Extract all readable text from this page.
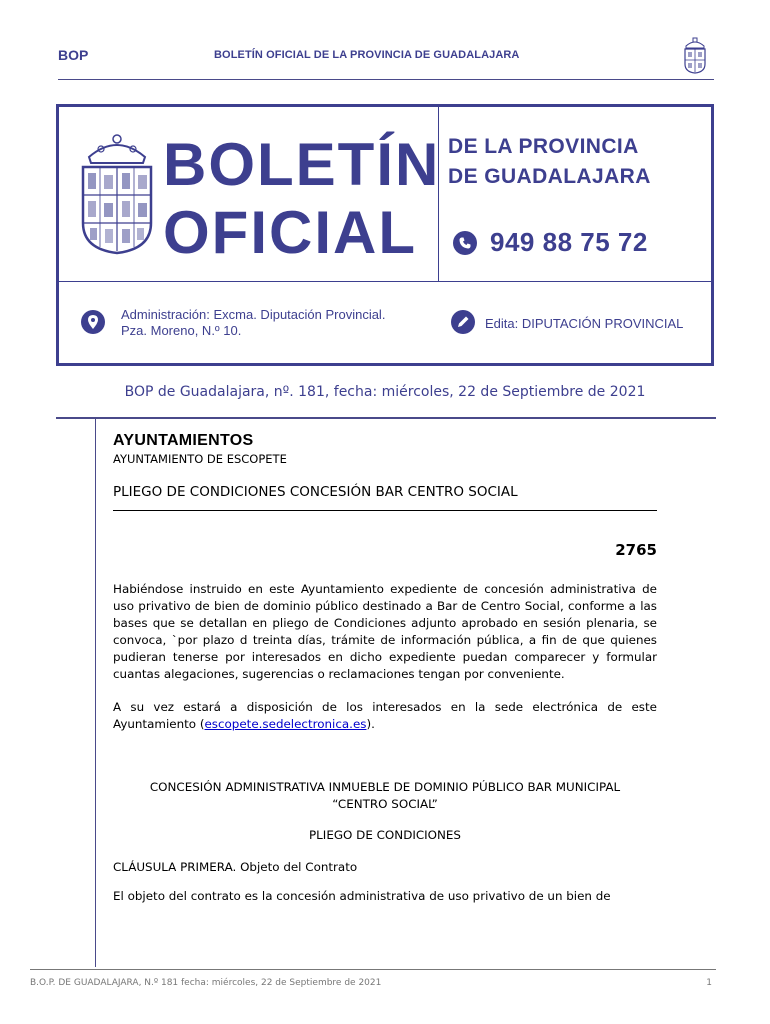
BOP	BOLETÍN OFICIAL DE LA PROVINCIA DE GUADALAJARA
BOLETÍN
OFICIAL
DE LA PROVINCIA
DE GUADALAJARA
949 88 75 72
Administración: Excma. Diputación Provincial.
Pza. Moreno, N.º 10.	Edita: DIPUTACIÓN PROVINCIAL
BOP de Guadalajara, nº. 181, fecha: miércoles, 22 de Septiembre de 2021
AYUNTAMIENTOS
AYUNTAMIENTO DE ESCOPETE
PLIEGO DE CONDICIONES CONCESIÓN BAR CENTRO SOCIAL
2765

Habiéndose instruido en este Ayuntamiento expediente de concesión administrativa de uso privativo de bien de dominio público destinado a Bar de Centro Social, conforme a las bases que se detallan en pliego de Condiciones adjunto aprobado en sesión plenaria, se convoca, `por plazo d treinta días, trámite de información pública, a fin de que quienes pudieran tenerse por interesados en dicho expediente puedan comparecer y formular cuantas alegaciones, sugerencias o reclamaciones tengan por conveniente.

A su vez estará a disposición de los interesados en la sede electrónica de este Ayuntamiento (escopete.sedelectronica.es).

CONCESIÓN ADMINISTRATIVA INMUEBLE DE DOMINIO PÚBLICO BAR MUNICIPAL
“CENTRO SOCIAL”
PLIEGO DE CONDICIONES
CLÁUSULA PRIMERA. Objeto del Contrato
El objeto del contrato es la concesión administrativa de uso privativo de un bien de
B.O.P. DE GUADALAJARA, N.º 181 fecha: miércoles, 22 de Septiembre de 2021	1
